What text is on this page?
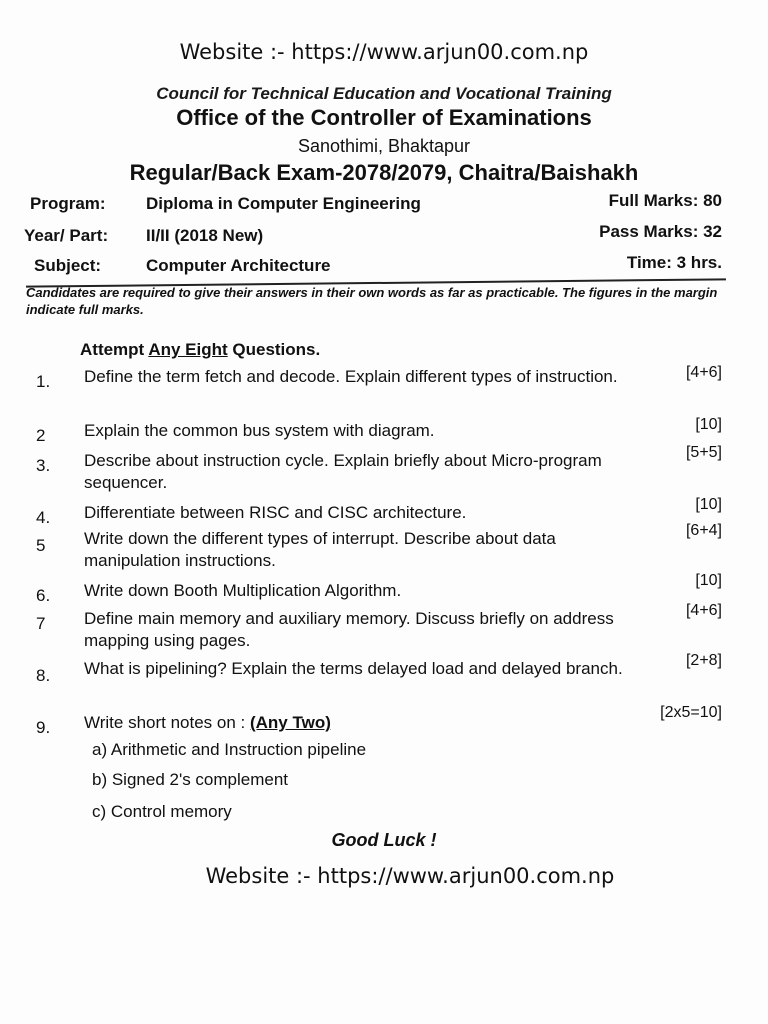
Website :- https://www.arjun00.com.np
Council for Technical Education and Vocational Training
Office of the Controller of Examinations
Sanothimi, Bhaktapur
Regular/Back Exam-2078/2079, Chaitra/Baishakh
Program: Diploma in Computer Engineering	Full Marks: 80
Year/ Part: II/II (2018 New)	Pass Marks: 32
Subject:	Computer Architecture	Time: 3 hrs.
Candidates are required to give their answers in their own words as far as practicable. The figures in the margin indicate full marks.
Attempt Any Eight Questions.
1. Define the term fetch and decode. Explain different types of instruction.	[4+6]
2 Explain the common bus system with diagram.	[10]
3. Describe about instruction cycle. Explain briefly about Micro-program sequencer.
[5+5]
4. Differentiate between RISC and CISC architecture.	[10]
5 Write down the different types of interrupt. Describe about data manipulation instructions.
[6+4]
6. Write down Booth Multiplication Algorithm.
[10]
7 Define main memory and auxiliary memory. Discuss briefly on address mapping using pages.
[4+6]
8. What is pipelining? Explain the terms delayed load and delayed branch.	[2+8]
9. Write short notes on : (Any Two)
[2x5=10]
a) Arithmetic and Instruction pipeline
b) Signed 2's complement
c) Control memory
Good Luck !
Website :- https://www.arjun00.com.np
